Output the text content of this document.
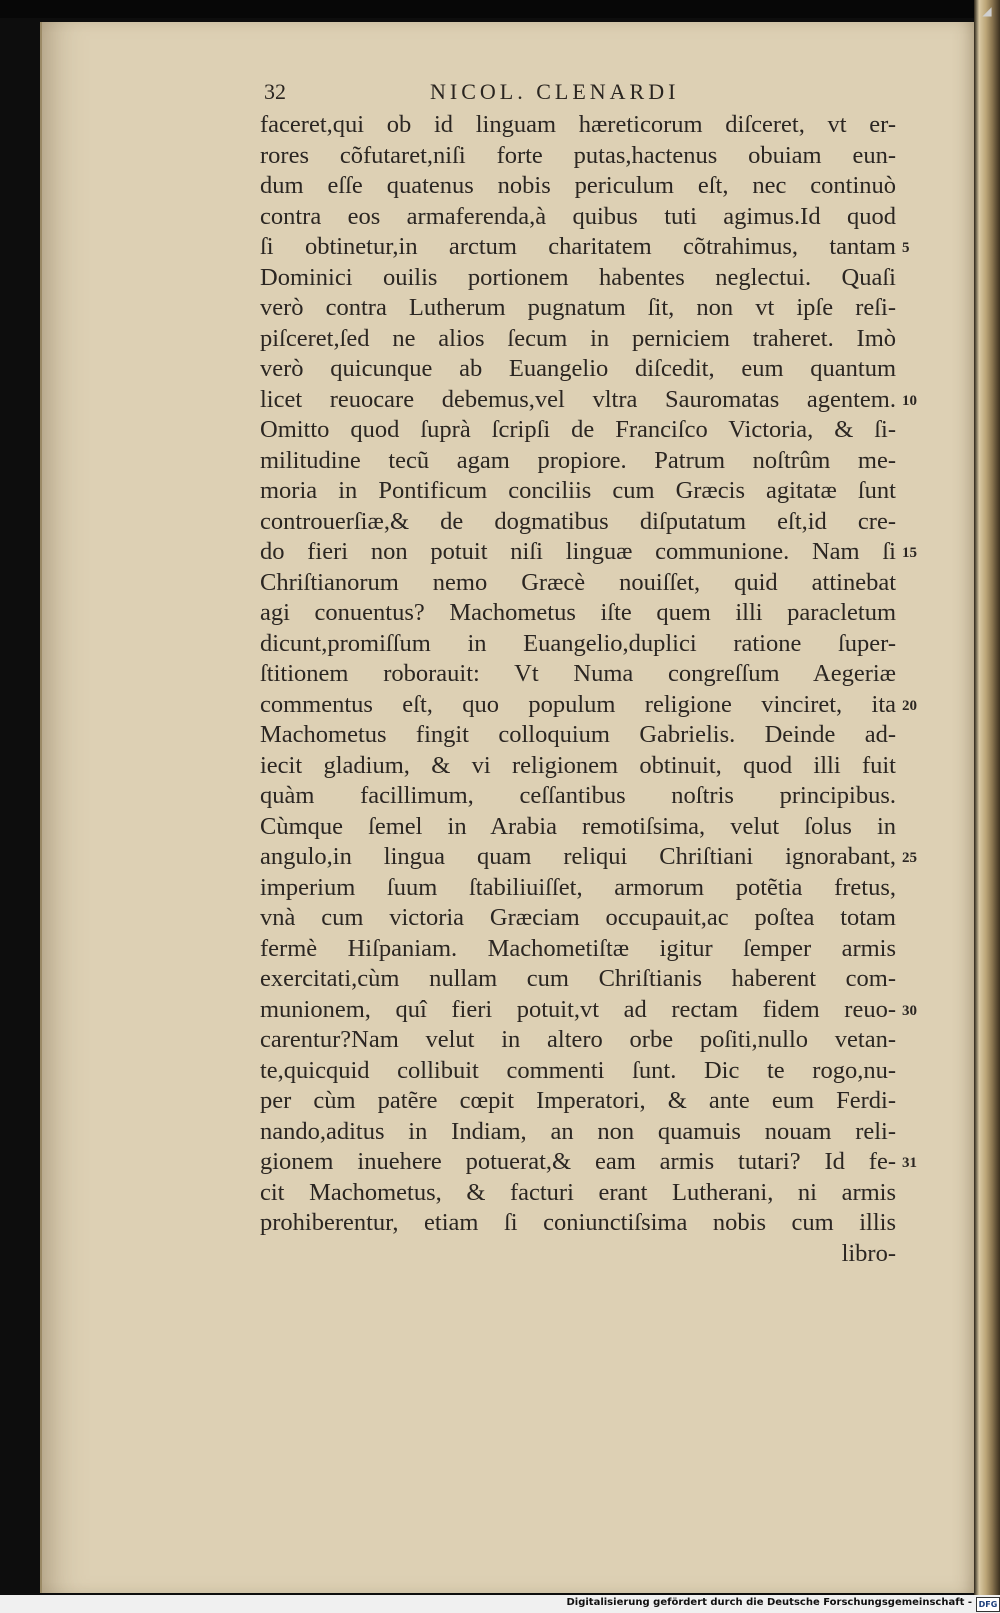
◢
32	NICOL. CLENARDI
faceret,qui ob id linguam hæreticorum diſceret, vt er-
rores cõfutaret,niſi forte putas,hactenus obuiam eun-
dum eſſe quatenus nobis periculum eſt, nec continuò
contra eos armaferenda,à quibus tuti agimus.Id quod
ſi obtinetur,in arctum charitatem cõtrahimus, tantam
Dominici ouilis portionem habentes neglectui. Quaſi
verò contra Lutherum pugnatum ſit, non vt ipſe reſi-
piſceret,ſed ne alios ſecum in perniciem traheret. Imò
verò quicunque ab Euangelio diſcedit, eum quantum
licet reuocare debemus,vel vltra Sauromatas agentem.
Omitto quod ſuprà ſcripſi de Franciſco Victoria, & ſi-
militudine tecũ agam propiore. Patrum noſtrûm me-
moria in Pontificum conciliis cum Græcis agitatæ ſunt
controuerſiæ,& de dogmatibus diſputatum eſt,id cre-
do fieri non potuit niſi linguæ communione. Nam ſi
Chriſtianorum nemo Græcè nouiſſet, quid attinebat
agi conuentus? Machometus iſte quem illi paracletum
dicunt,promiſſum in Euangelio,duplici ratione ſuper-
ſtitionem roborauit: Vt Numa congreſſum Aegeriæ
commentus eſt, quo populum religione vinciret, ita
Machometus fingit colloquium Gabrielis. Deinde ad-
iecit gladium, & vi religionem obtinuit, quod illi fuit
quàm facillimum, ceſſantibus noſtris principibus.
Cùmque ſemel in Arabia remotiſsima, velut ſolus in
angulo,in lingua quam reliqui Chriſtiani ignorabant,
imperium ſuum ſtabiliuiſſet, armorum potẽtia fretus,
vnà cum victoria Græciam occupauit,ac poſtea totam
fermè Hiſpaniam. Machometiſtæ igitur ſemper armis
exercitati,cùm nullam cum Chriſtianis haberent com-
munionem, quî fieri potuit,vt ad rectam fidem reuo-
carentur?Nam velut in altero orbe poſiti,nullo vetan-
te,quicquid collibuit commenti ſunt. Dic te rogo,nu-
per cùm patẽre cœpit Imperatori, & ante eum Ferdi-
nando,aditus in Indiam, an non quamuis nouam reli-
gionem inuehere potuerat,& eam armis tutari? Id fe-
cit Machometus, & facturi erant Lutherani, ni armis
prohiberentur, etiam ſi coniunctiſsima nobis cum illis
libro-
5
10
15
20
25
30
31
Digitalisierung gefördert durch die Deutsche Forschungsgemeinschaft - DFG
